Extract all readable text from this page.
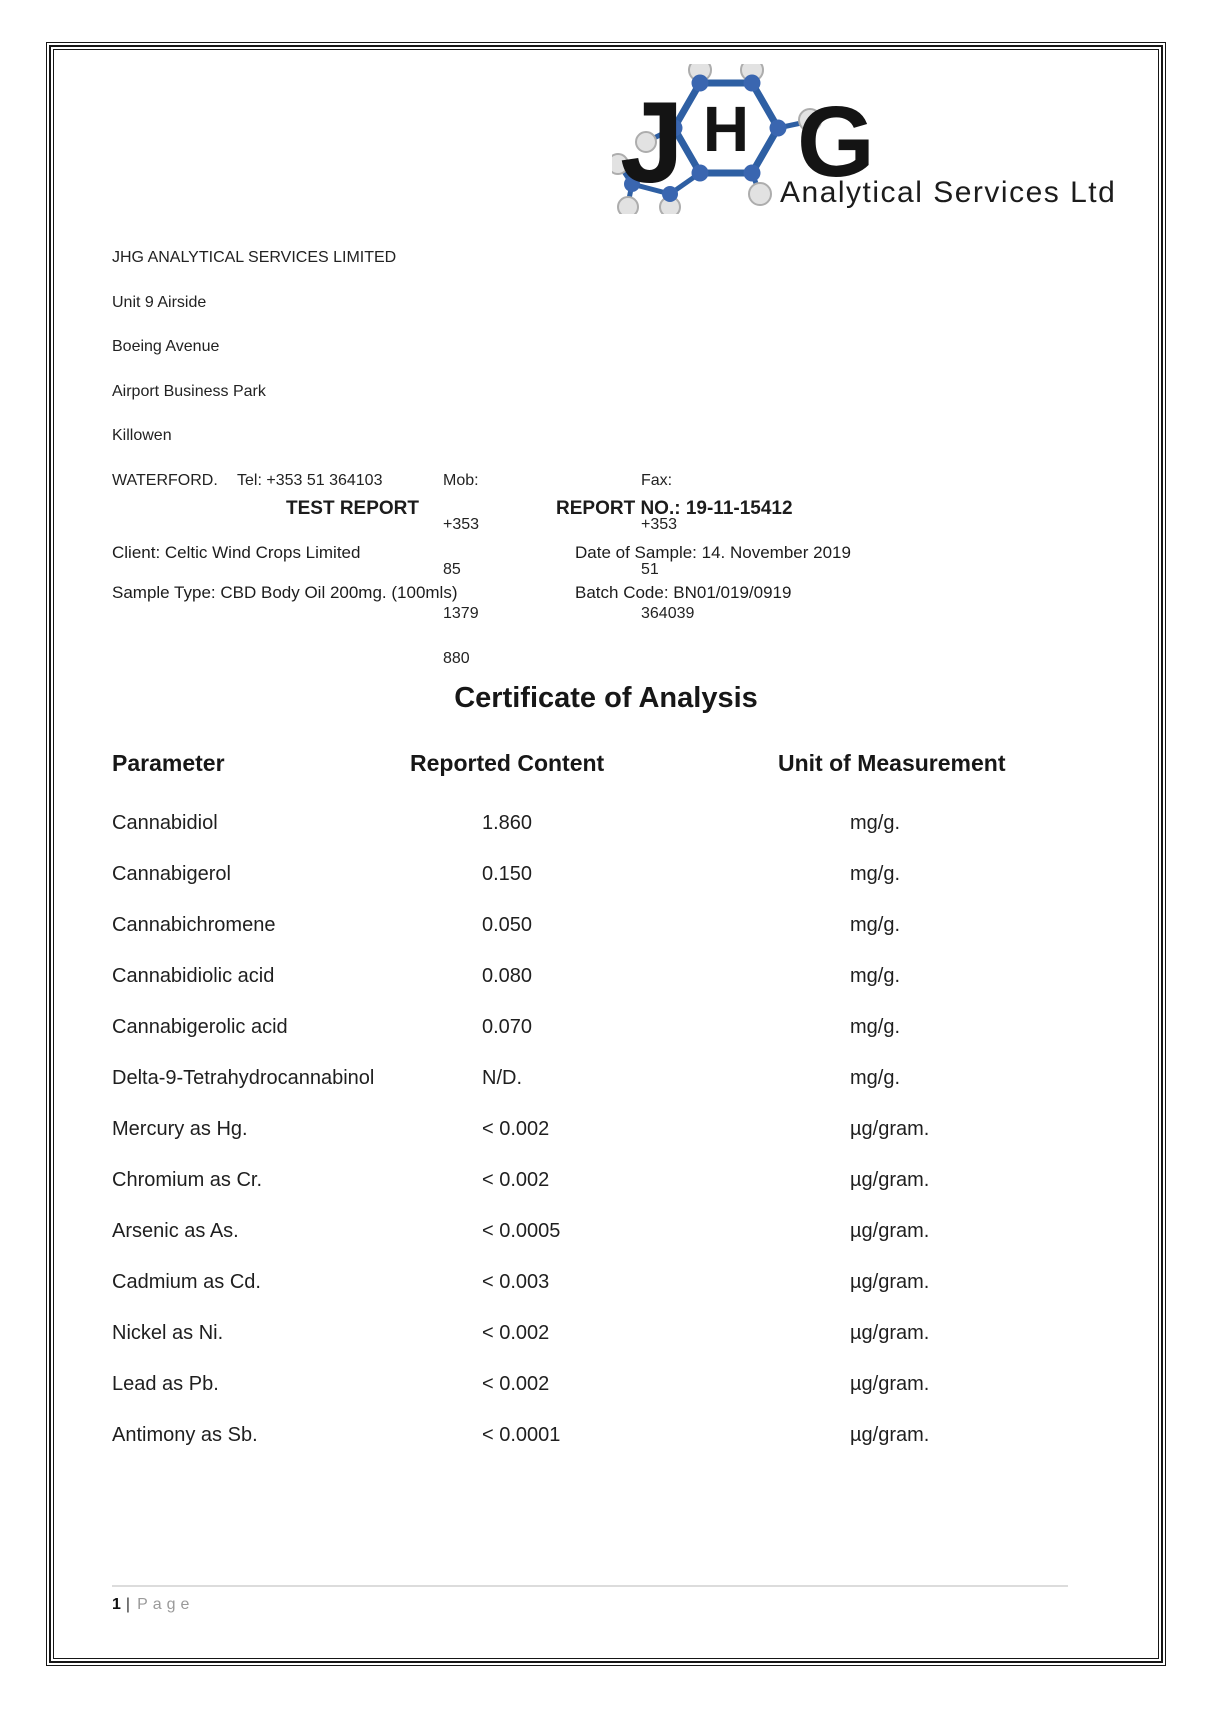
J H G
Analytical Services Ltd
JHG ANALYTICAL SERVICES LIMITED
Unit 9 Airside
Boeing Avenue
Airport Business Park
Killowen
WATERFORD. Tel: +353 51 364103	Mob: +353 85 1379 880
Fax: +353 51 364039
TEST REPORT	REPORT NO.: 19-11-15412
Client: Celtic Wind Crops Limited	Date of Sample: 14. November 2019
Sample Type: CBD Body Oil 200mg. (100mls)	Batch Code: BN01/019/0919
Certificate of Analysis
Parameter	Reported Content	Unit of Measurement
Cannabidiol	1.860	mg/g.
Cannabigerol	0.150	mg/g.
Cannabichromene	0.050	mg/g.
Cannabidiolic acid	0.080	mg/g.
Cannabigerolic acid	0.070	mg/g.
Delta-9-Tetrahydrocannabinol	N/D.	mg/g.
Mercury as Hg.	< 0.002	µg/gram.
Chromium as Cr.	< 0.002	µg/gram.
Arsenic as As.	< 0.0005	µg/gram.
Cadmium as Cd.	< 0.003	µg/gram.
Nickel as Ni.	< 0.002	µg/gram.
Lead as Pb.	< 0.002	µg/gram.
Antimony as Sb.	< 0.0001	µg/gram.
1 | Page
